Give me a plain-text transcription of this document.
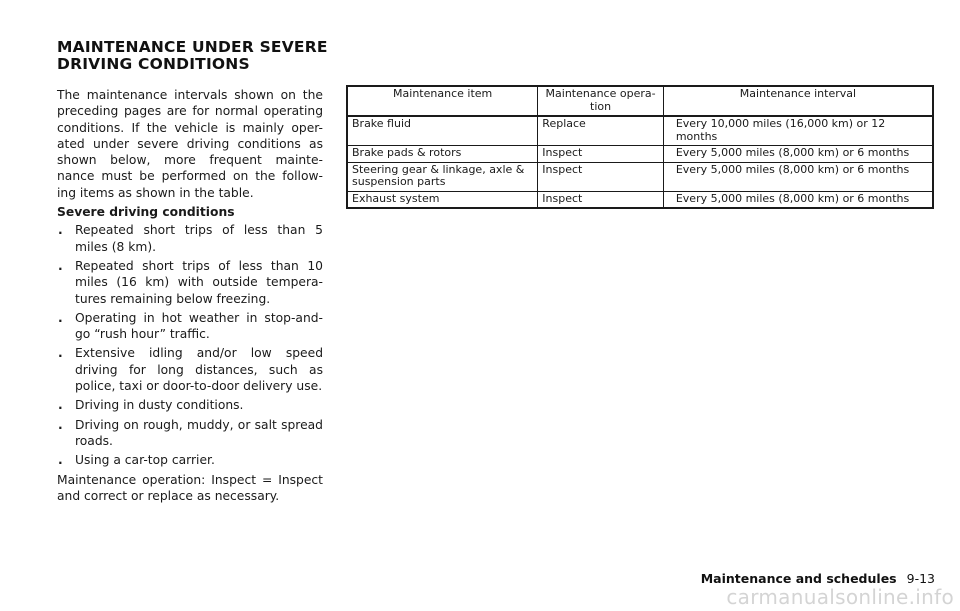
MAINTENANCE UNDER SEVERE
DRIVING CONDITIONS

The maintenance intervals shown on the preceding pages are for normal operating conditions. If the vehicle is mainly oper- ated under severe driving conditions as shown below, more frequent mainte- nance must be performed on the follow- ing items as shown in the table.

Severe driving conditions

. Repeated short trips of less than 5 miles (8 km).
. Repeated short trips of less than 10 miles (16 km) with outside tempera- tures remaining below freezing.
. Operating in hot weather in stop-and- go “rush hour” traffic.
. Extensive idling and/or low speed driving for long distances, such as police, taxi or door-to-door delivery use.
. Driving in dusty conditions.
. Driving on rough, muddy, or salt spread roads.
. Using a car-top carrier.

Maintenance operation: Inspect = Inspect and correct or replace as necessary.

Maintenance item	Maintenance opera- tion	Maintenance interval
Brake fluid	Replace	Every 10,000 miles (16,000 km) or 12 months
Brake pads & rotors	Inspect	Every 5,000 miles (8,000 km) or 6 months
Steering gear & linkage, axle & suspension parts	Inspect	Every 5,000 miles (8,000 km) or 6 months
Exhaust system	Inspect	Every 5,000 miles (8,000 km) or 6 months
Maintenance and schedules 9-13
carmanualsonline.info
